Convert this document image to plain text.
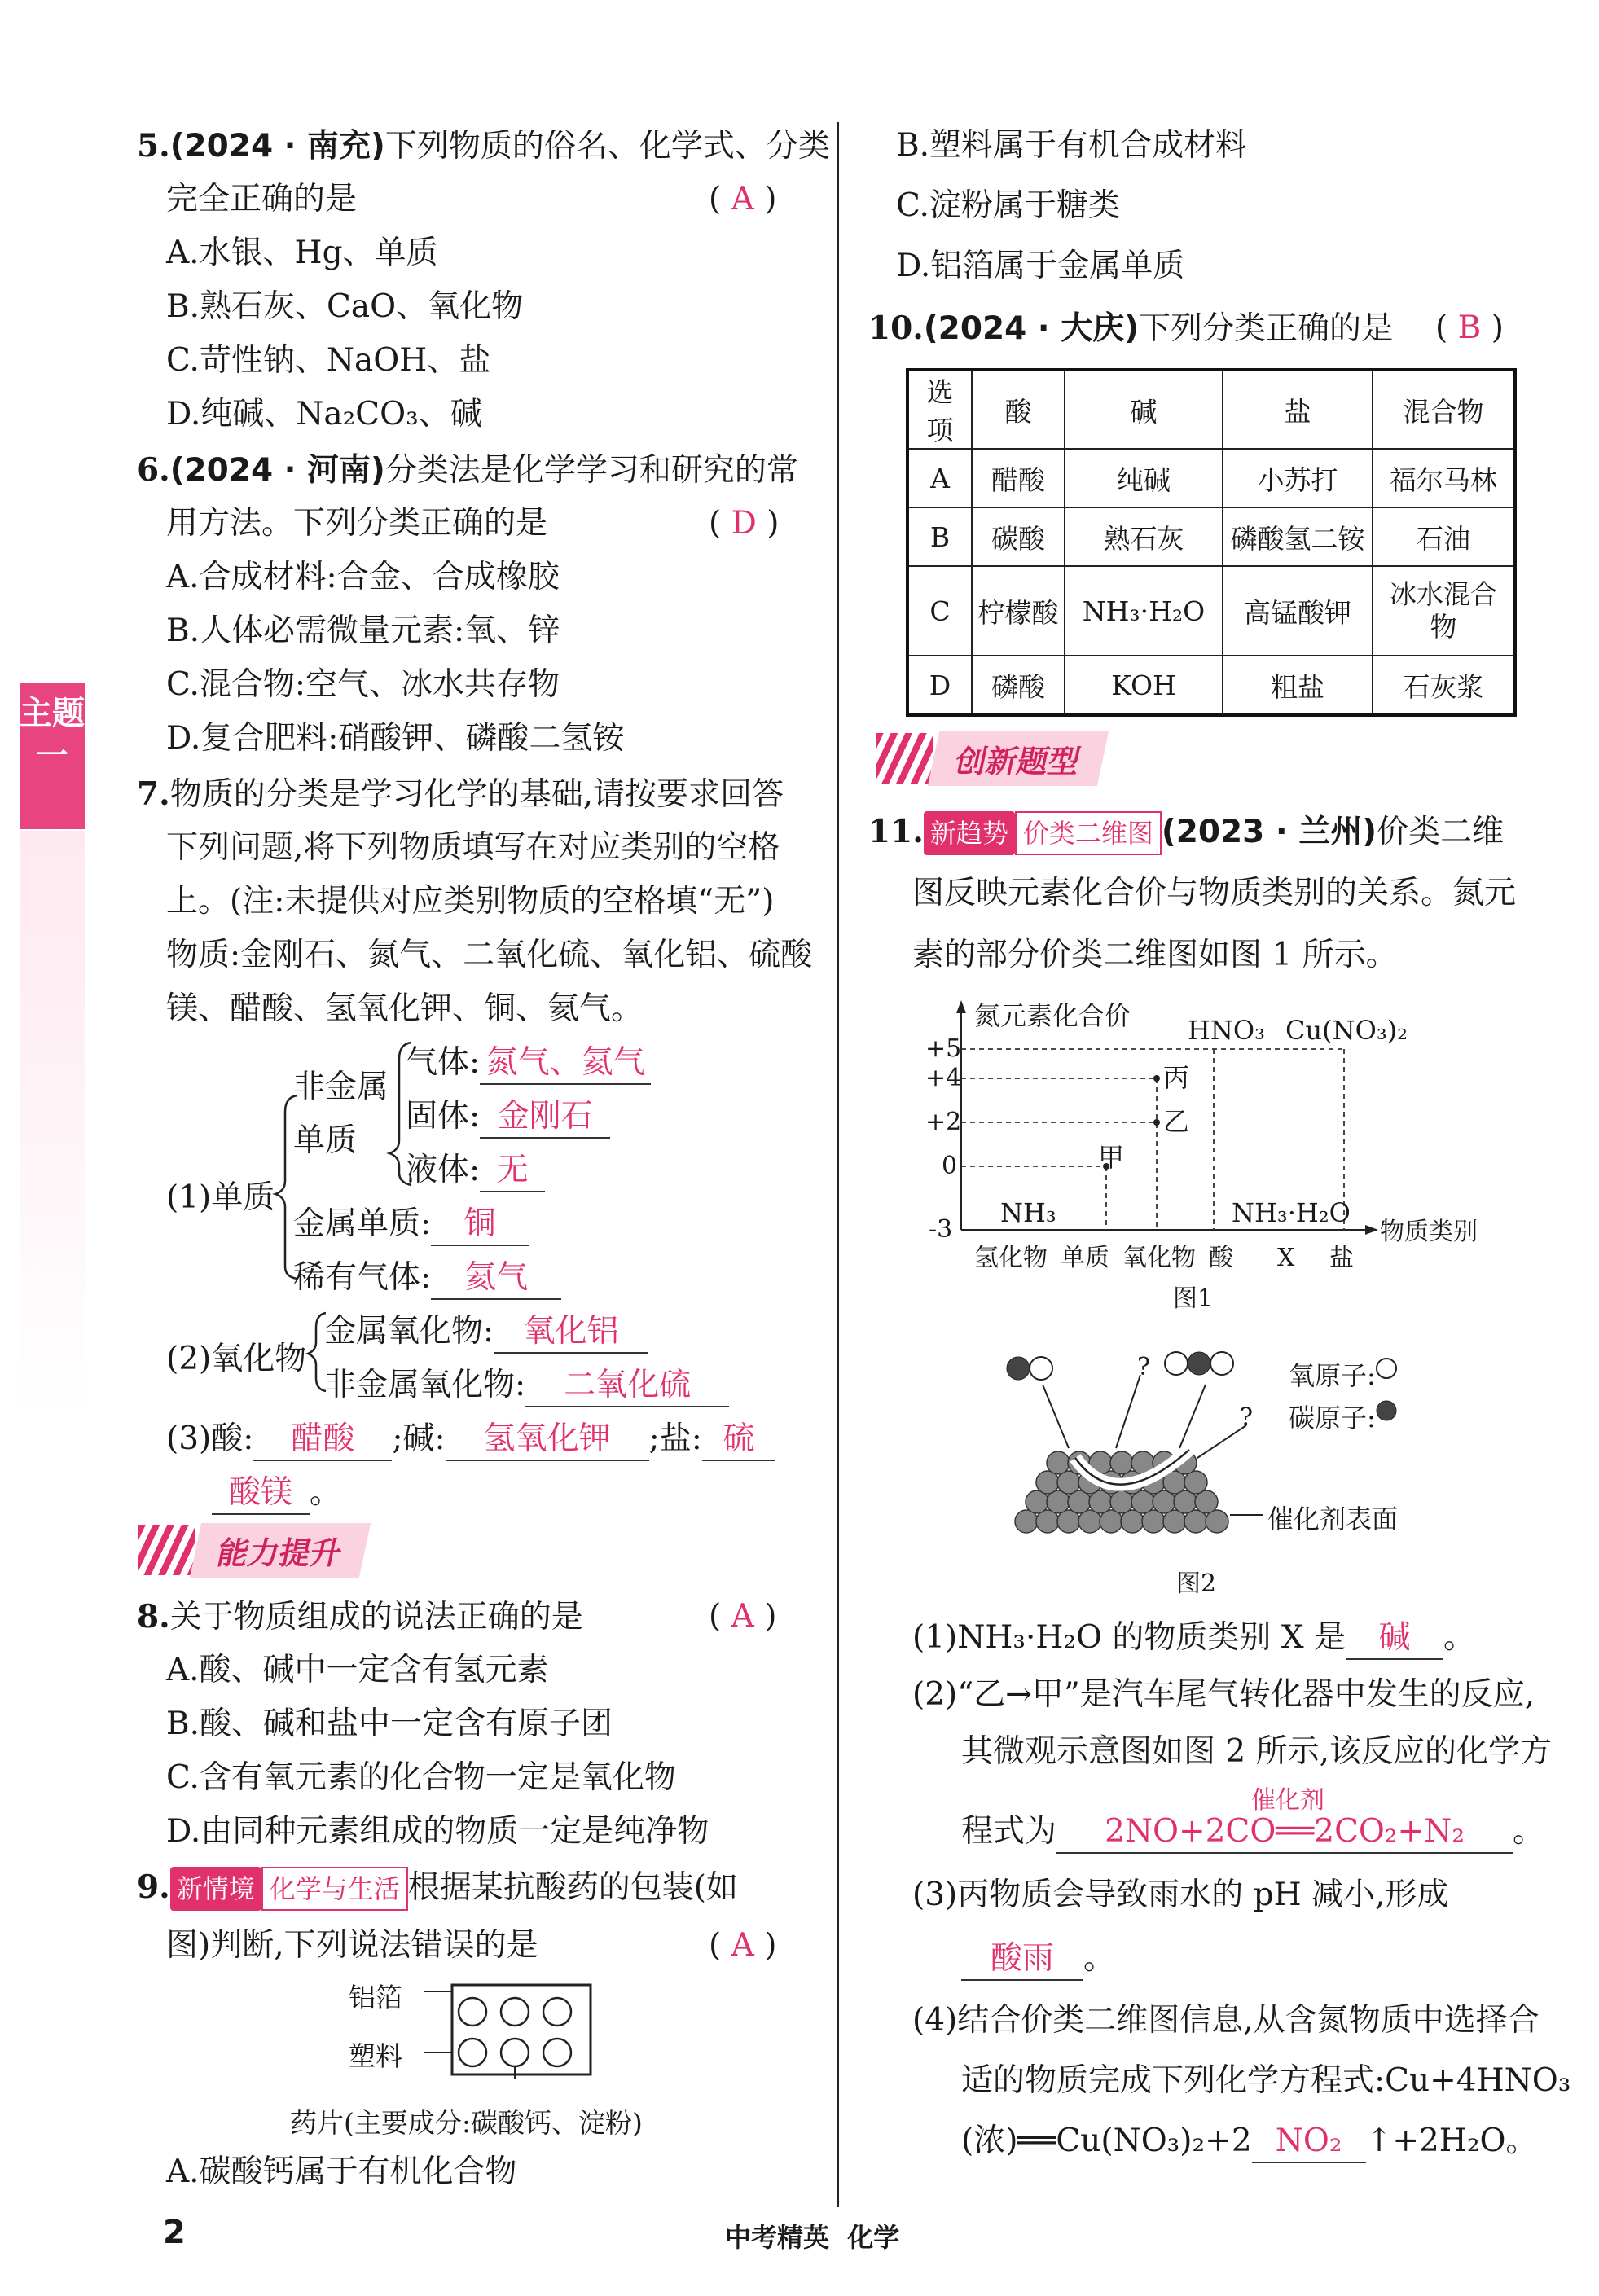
主题一
5.(2024 · 南充)下列物质的俗名、化学式、分类
完全正确的是	( A )
A.水银、Hg、单质
B.熟石灰、CaO、氧化物
C.苛性钠、NaOH、盐
D.纯碱、Na₂CO₃、碱
6.(2024 · 河南)分类法是化学学习和研究的常
用方法。下列分类正确的是	( D )
A.合成材料:合金、合成橡胶
B.人体必需微量元素:氧、锌
C.混合物:空气、冰水共存物
D.复合肥料:硝酸钾、磷酸二氢铵
7.物质的分类是学习化学的基础,请按要求回答
下列问题,将下列物质填写在对应类别的空格
上。(注:未提供对应类别物质的空格填“无”)
物质:金刚石、氮气、二氧化硫、氧化铝、硫酸
镁、醋酸、氢氧化钾、铜、氦气。
非金属
单质
气体: 氮气、氦气
固体: 金刚石
液体: 无
(1)单质
金属单质: 铜
稀有气体: 氦气
(2)氧化物
金属氧化物: 氧化铝
非金属氧化物: 二氧化硫
(3)酸: 醋酸 ;碱: 氢氧化钾 ;盐: 硫
酸镁 。
能力提升
8.关于物质组成的说法正确的是	( A )
A.酸、碱中一定含有氢元素
B.酸、碱和盐中一定含有原子团
C.含有氧元素的化合物一定是氧化物
D.由同种元素组成的物质一定是纯净物
9. 新情境 化学与生活 根据某抗酸药的包装(如
图)判断,下列说法错误的是	( A )
铝箔
塑料
药片(主要成分:碳酸钙、淀粉)
A.碳酸钙属于有机化合物
B.塑料属于有机合成材料
C.淀粉属于糖类
D.铝箔属于金属单质
10.(2024 · 大庆)下列分类正确的是 ( B )
选项	酸	碱	盐	混合物
A	醋酸	纯碱	小苏打	福尔马林
B	碳酸	熟石灰	磷酸氢二铵	石油
C	柠檬酸	NH₃·H₂O	高锰酸钾	冰水混合物
D	磷酸	KOH	粗盐	石灰浆
创新题型
11. 新趋势 价类二维图 (2023 · 兰州)价类二维
图反映元素化合价与物质类别的关系。氮元
素的部分价类二维图如图 1 所示。
氮元素化合价
+5
+4
+2
0
-3
HNO₃ Cu(NO₃)₂
丙
乙
甲
NH₃	NH₃·H₂O
物质类别
氢化物 单质 氧化物 酸 X 盐
图1
?
?
氧原子:
碳原子:
催化剂表面
图2
(1)NH₃·H₂O 的物质类别 X 是 碱 。
(2)“乙→甲”是汽车尾气转化器中发生的反应,
其微观示意图如图 2 所示,该反应的化学方
催化剂
程式为 2NO+2CO══2CO₂+N₂ 。
(3)丙物质会导致雨水的 pH 减小,形成
酸雨 。
(4)结合价类二维图信息,从含氮物质中选择合
适的物质完成下列化学方程式:Cu+4HNO₃
(浓)══Cu(NO₃)₂+2 NO₂ ↑+2H₂O。
2	中考精英  化学
